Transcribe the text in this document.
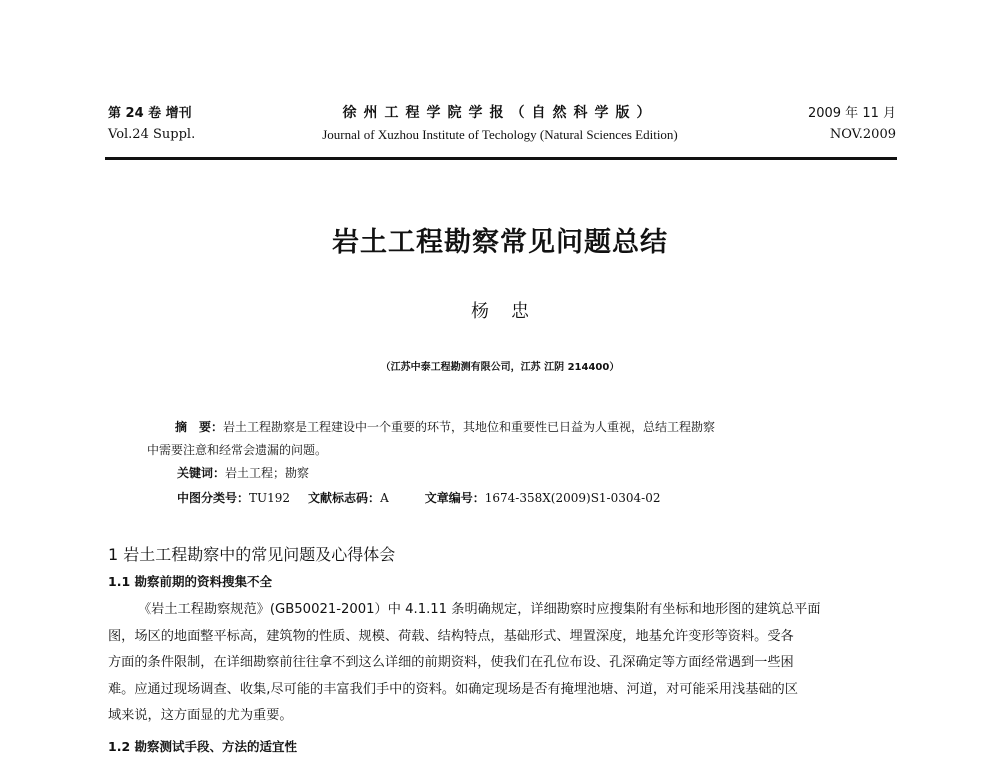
第 24 卷 增刊
Vol.24 Suppl.
徐州工程学院学报（自然科学版）
Journal of Xuzhou Institute of Techology (Natural Sciences Edition)
2009 年 11 月
NOV.2009
岩土工程勘察常见问题总结
杨忠
（江苏中泰工程勘测有限公司，江苏 江阴 214400）
摘　要：岩土工程勘察是工程建设中一个重要的环节，其地位和重要性已日益为人重视，总结工程勘察
中需要注意和经常会遗漏的问题。
关键词：岩土工程；勘察
中图分类号：TU192 文献标志码：A	文章编号：1674-358X(2009)S1-0304-02
1 岩土工程勘察中的常见问题及心得体会
1.1 勘察前期的资料搜集不全
《岩土工程勘察规范》(GB50021-2001）中 4.1.11 条明确规定，详细勘察时应搜集附有坐标和地形图的建筑总平面
图，场区的地面整平标高，建筑物的性质、规模、荷载、结构特点，基础形式、埋置深度，地基允许变形等资料。受各
方面的条件限制，在详细勘察前往往拿不到这么详细的前期资料，使我们在孔位布设、孔深确定等方面经常遇到一些困
难。应通过现场调查、收集,尽可能的丰富我们手中的资料。如确定现场是否有掩埋池塘、河道，对可能采用浅基础的区
域来说，这方面显的尤为重要。
1.2 勘察测试手段、方法的适宜性
